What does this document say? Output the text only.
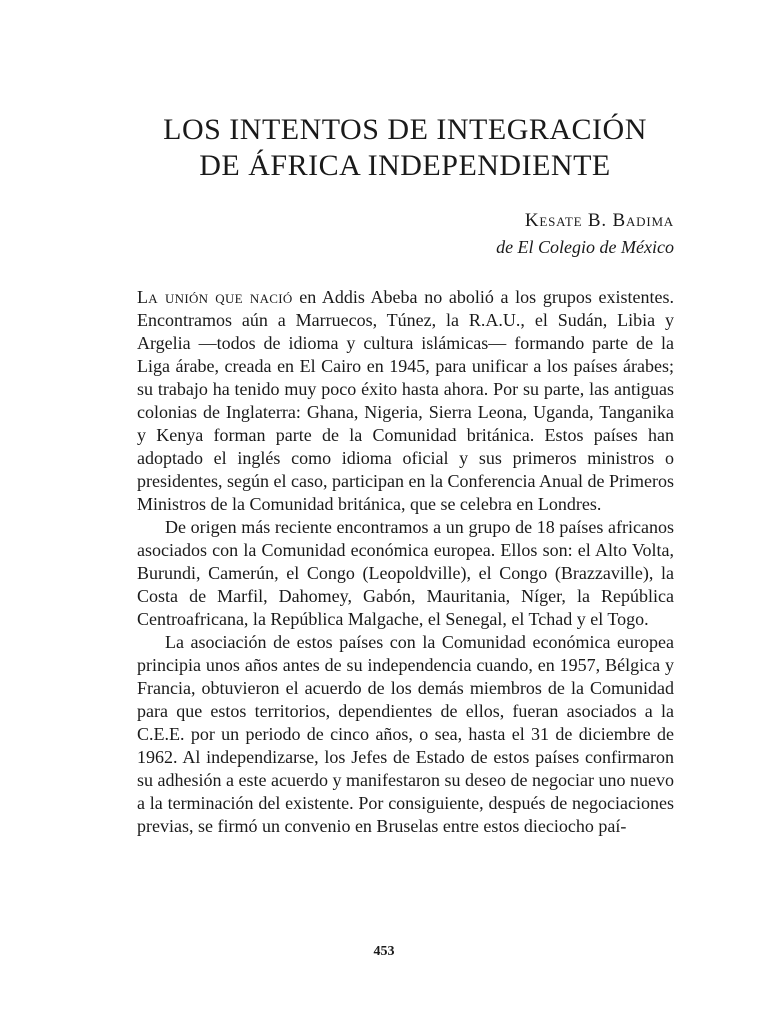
LOS INTENTOS DE INTEGRACIÓN
DE ÁFRICA INDEPENDIENTE
Kesate B. Badima
de El Colegio de México

La unión que nació en Addis Abeba no abolió a los grupos existentes. Encontramos aún a Marruecos, Túnez, la R.A.U., el Sudán, Libia y Argelia —todos de idioma y cultura islámicas— formando parte de la Liga árabe, creada en El Cairo en 1945, para unificar a los países árabes; su trabajo ha tenido muy poco éxito hasta ahora. Por su parte, las antiguas colonias de Inglaterra: Ghana, Nigeria, Sierra Leona, Uganda, Tanganika y Kenya forman parte de la Comunidad británica. Estos países han adoptado el inglés como idioma oficial y sus primeros ministros o presidentes, según el caso, participan en la Conferencia Anual de Primeros Ministros de la Comunidad británica, que se celebra en Londres.

De origen más reciente encontramos a un grupo de 18 países africanos asociados con la Comunidad económica europea. Ellos son: el Alto Volta, Burundi, Camerún, el Congo (Leopoldville), el Congo (Brazzaville), la Costa de Marfil, Dahomey, Gabón, Mauritania, Níger, la República Centroafricana, la República Malgache, el Senegal, el Tchad y el Togo.

La asociación de estos países con la Comunidad económica europea principia unos años antes de su independencia cuando, en 1957, Bélgica y Francia, obtuvieron el acuerdo de los demás miembros de la Comunidad para que estos territorios, dependientes de ellos, fueran asociados a la C.E.E. por un periodo de cinco años, o sea, hasta el 31 de diciembre de 1962. Al independizarse, los Jefes de Estado de estos países confirmaron su adhesión a este acuerdo y manifestaron su deseo de negociar uno nuevo a la terminación del existente. Por consiguiente, después de negociaciones previas, se firmó un convenio en Bruselas entre estos dieciocho paí-

453
